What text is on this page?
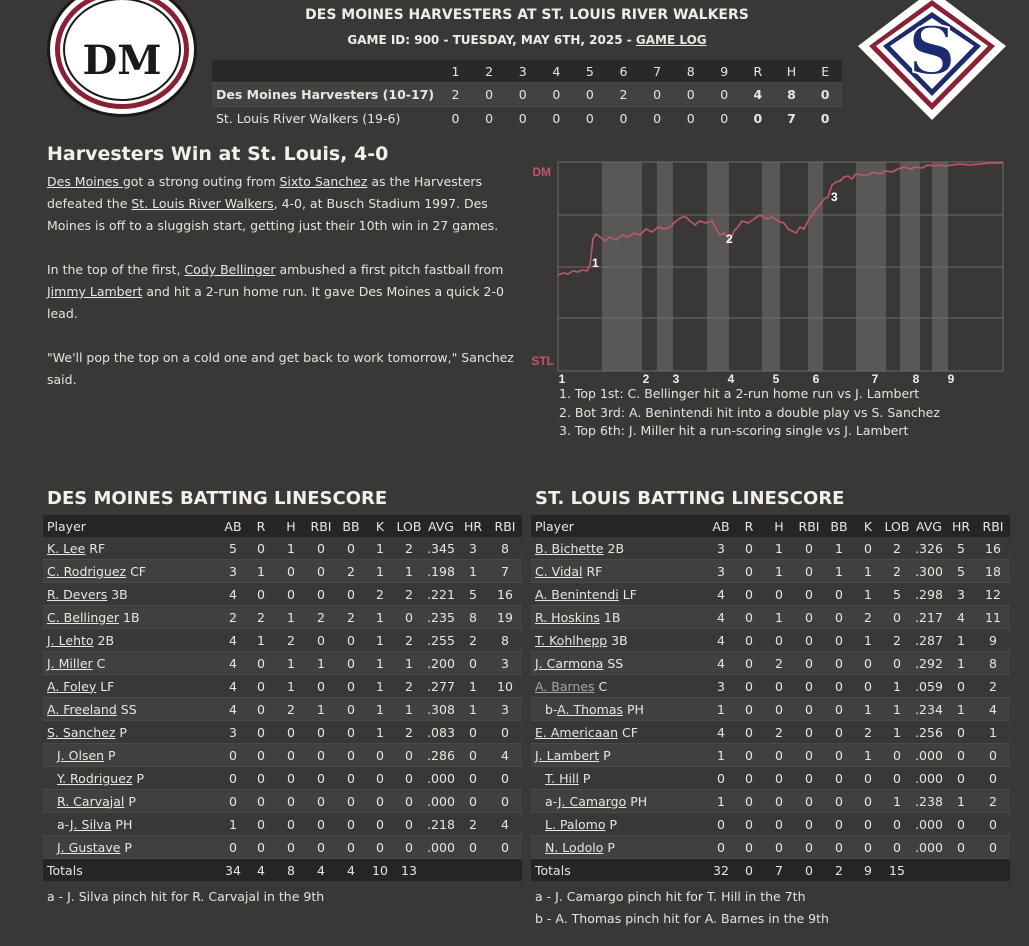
DM	S
DES MOINES HARVESTERS AT ST. LOUIS RIVER WALKERS
GAME ID: 900 - TUESDAY, MAY 6TH, 2025 - GAME LOG
	1	2	3	4	5	6	7	8	9	R	H	E
Des Moines Harvesters (10-17)	2	0	0	0	0	2	0	0	0	4	8	0
St. Louis River Walkers (19-6)	0	0	0	0	0	0	0	0	0	0	7	0
Harvesters Win at St. Louis, 4-0

Des Moines got a strong outing from Sixto Sanchez as the Harvesters defeated the St. Louis River Walkers, 4-0, at Busch Stadium 1997. Des Moines is off to a sluggish start, getting just their 10th win in 27 games.

In the top of the first, Cody Bellinger ambushed a first pitch fastball from Jimmy Lambert and hit a 2-run home run. It gave Des Moines a quick 2-0 lead.

"We'll pop the top on a cold one and get back to work tomorrow," Sanchez said.

DM
STL
1
2
3
1	2 3	4	5	6	7	8 9
1. Top 1st: C. Bellinger hit a 2-run home run vs J. Lambert
2. Bot 3rd: A. Benintendi hit into a double play vs S. Sanchez
3. Top 6th: J. Miller hit a run-scoring single vs J. Lambert
DES MOINES BATTING LINESCORE
Player	AB	R	H	RBI	BB	K	LOB	AVG	HR	RBI
K. Lee RF	5	0	1	0	0	1	2	.345	3	8
C. Rodriguez CF	3	1	0	0	2	1	1	.198	1	7
R. Devers 3B	4	0	0	0	0	2	2	.221	5	16
C. Bellinger 1B	2	2	1	2	2	1	0	.235	8	19
J. Lehto 2B	4	1	2	0	0	1	2	.255	2	8
J. Miller C	4	0	1	1	0	1	1	.200	0	3
A. Foley LF	4	0	1	0	0	1	2	.277	1	10
A. Freeland SS	4	0	2	1	0	1	1	.308	1	3
S. Sanchez P	3	0	0	0	0	1	2	.083	0	0
J. Olsen P	0	0	0	0	0	0	0	.286	0	4
Y. Rodriguez P	0	0	0	0	0	0	0	.000	0	0
R. Carvajal P	0	0	0	0	0	0	0	.000	0	0
a-J. Silva PH	1	0	0	0	0	0	0	.218	2	4
J. Gustave P	0	0	0	0	0	0	0	.000	0	0
Totals	34	4	8	4	4	10	13			
a - J. Silva pinch hit for R. Carvajal in the 9th
ST. LOUIS BATTING LINESCORE
Player	AB	R	H	RBI	BB	K	LOB	AVG	HR	RBI
B. Bichette 2B	3	0	1	0	1	0	2	.326	5	16
C. Vidal RF	3	0	1	0	1	1	2	.300	5	18
A. Benintendi LF	4	0	0	0	0	1	5	.298	3	12
R. Hoskins 1B	4	0	1	0	0	2	0	.217	4	11
T. Kohlhepp 3B	4	0	0	0	0	1	2	.287	1	9
J. Carmona SS	4	0	2	0	0	0	0	.292	1	8
A. Barnes C	3	0	0	0	0	0	1	.059	0	2
b-A. Thomas PH	1	0	0	0	0	1	1	.234	1	4
E. Americaan CF	4	0	2	0	0	2	1	.256	0	1
J. Lambert P	1	0	0	0	0	1	0	.000	0	0
T. Hill P	0	0	0	0	0	0	0	.000	0	0
a-J. Camargo PH	1	0	0	0	0	0	1	.238	1	2
L. Palomo P	0	0	0	0	0	0	0	.000	0	0
N. Lodolo P	0	0	0	0	0	0	0	.000	0	0
Totals	32	0	7	0	2	9	15			
a - J. Camargo pinch hit for T. Hill in the 7th
b - A. Thomas pinch hit for A. Barnes in the 9th
